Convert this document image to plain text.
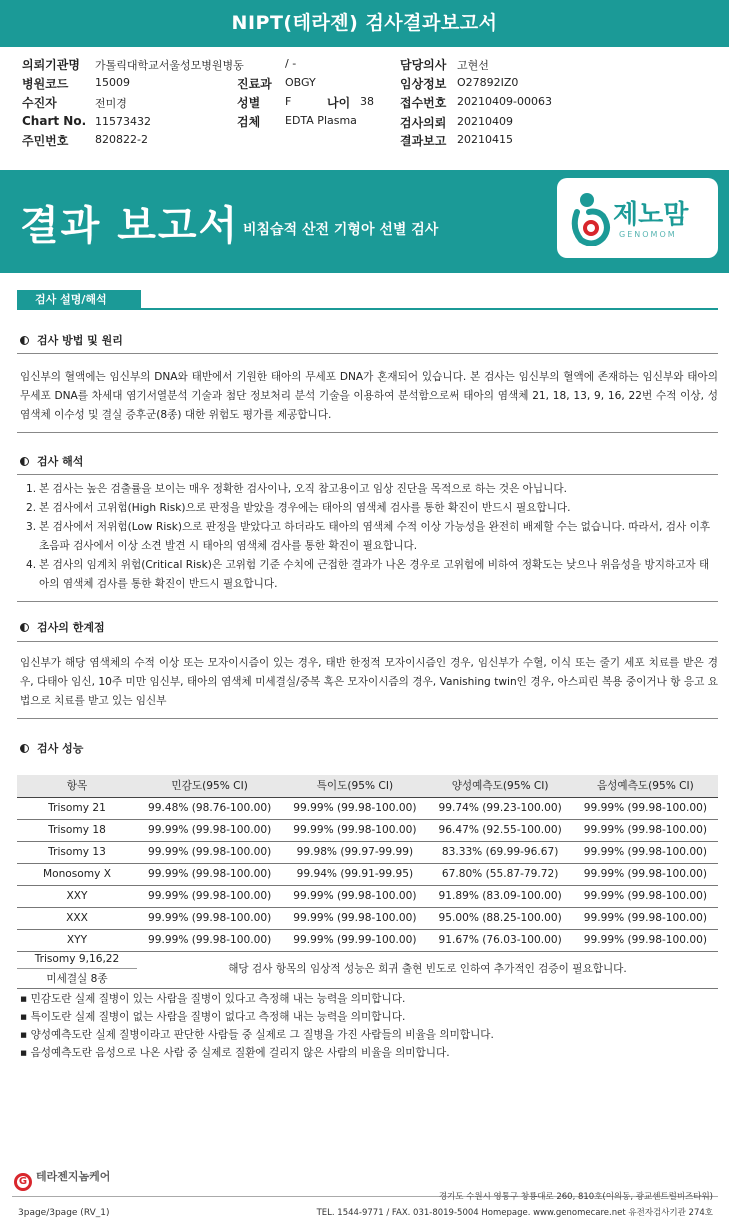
NIPT(테라젠) 검사결과보고서
의뢰기관명 가톨릭대학교서울성모병원병동	/ -	담당의사 고현선
병원코드 15009	진료과 OBGY	임상정보 O27892IZ0
수진자	전미경	성별 F	나이 38 접수번호 20210409-00063
Chart No. 11573432	검체 EDTA Plasma	검사의뢰 20210409
주민번호 820822-2	결과보고 20210415
결과 보고서 비침습적 산전 기형아 선별 검사	제노맘
GENOMOM
검사 설명/해석
검사 방법 및 원리
임신부의 혈액에는 임신부의 DNA와 태반에서 기원한 태아의 무세포 DNA가 혼재되어 있습니다. 본 검사는 임신부의 혈액에 존재하는 임신부와 태아의 무세포 DNA를 차세대 염기서열분석 기술과 첨단 정보처리 분석 기술을 이용하여 분석함으로써 태아의 염색체 21, 18, 13, 9, 16, 22번 수적 이상, 성염색체 이수성 및 결실 증후군(8종) 대한 위험도 평가를 제공합니다.
검사 해석
1. 본 검사는 높은 검출률을 보이는 매우 정확한 검사이나, 오직 참고용이고 임상 진단을 목적으로 하는 것은 아닙니다.
2. 본 검사에서 고위험(High Risk)으로 판정을 받았을 경우에는 태아의 염색체 검사를 통한 확진이 반드시 필요합니다.
3. 본 검사에서 저위험(Low Risk)으로 판정을 받았다고 하더라도 태아의 염색체 수적 이상 가능성을 완전히 배제할 수는 없습니다. 따라서, 검사 이후 초음파 검사에서 이상 소견 발견 시 태아의 염색체 검사를 통한 확진이 필요합니다.
4. 본 검사의 임계치 위험(Critical Risk)은 고위험 기준 수치에 근접한 결과가 나온 경우로 고위험에 비하여 정확도는 낮으나 위음성을 방지하고자 태아의 염색체 검사를 통한 확진이 반드시 필요합니다.
검사의 한계점
임신부가 해당 염색체의 수적 이상 또는 모자이시즘이 있는 경우, 태반 한정적 모자이시즘인 경우, 임신부가 수혈, 이식 또는 줄기 세포 치료를 받은 경우, 다태아 임신, 10주 미만 임신부, 태아의 염색체 미세결실/중복 혹은 모자이시즘의 경우, Vanishing twin인 경우, 아스피린 복용 중이거나 항 응고 요법으로 치료를 받고 있는 임신부
검사 성능
항목	민감도(95% CI)	특이도(95% CI)	양성예측도(95% CI)	음성예측도(95% CI)
Trisomy 21	99.48% (98.76-100.00)	99.99% (99.98-100.00)	99.74% (99.23-100.00)	99.99% (99.98-100.00)
Trisomy 18	99.99% (99.98-100.00)	99.99% (99.98-100.00)	96.47% (92.55-100.00)	99.99% (99.98-100.00)
Trisomy 13	99.99% (99.98-100.00)	99.98% (99.97-99.99)	83.33% (69.99-96.67)	99.99% (99.98-100.00)
Monosomy X	99.99% (99.98-100.00)	99.94% (99.91-99.95)	67.80% (55.87-79.72)	99.99% (99.98-100.00)
XXY	99.99% (99.98-100.00)	99.99% (99.98-100.00)	91.89% (83.09-100.00)	99.99% (99.98-100.00)
XXX	99.99% (99.98-100.00)	99.99% (99.98-100.00)	95.00% (88.25-100.00)	99.99% (99.98-100.00)
XYY	99.99% (99.98-100.00)	99.99% (99.99-100.00)	91.67% (76.03-100.00)	99.99% (99.98-100.00)
Trisomy 9,16,22
미세결실 8종
해당 검사 항목의 임상적 성능은 희귀 출현 빈도로 인하여 추가적인 검증이 필요합니다.
▪ 민감도란 실제 질병이 있는 사람을 질병이 있다고 측정해 내는 능력을 의미합니다.
▪ 특이도란 실제 질병이 없는 사람을 질병이 없다고 측정해 내는 능력을 의미합니다.
▪ 양성예측도란 실제 질병이라고 판단한 사람들 중 실제로 그 질병을 가진 사람들의 비율을 의미합니다.
▪ 음성예측도란 음성으로 나온 사람 중 실제로 질환에 걸리지 않은 사람의 비율을 의미합니다.
G 테라젠지놈케어
경기도 수원시 영통구 창룡대로 260, 810호(이의동, 광교센트럴비즈타워)
TEL. 1544-9771 / FAX. 031-8019-5004 Homepage. www.genomecare.net 유전자검사기관 274호
3page/3page (RV_1)
